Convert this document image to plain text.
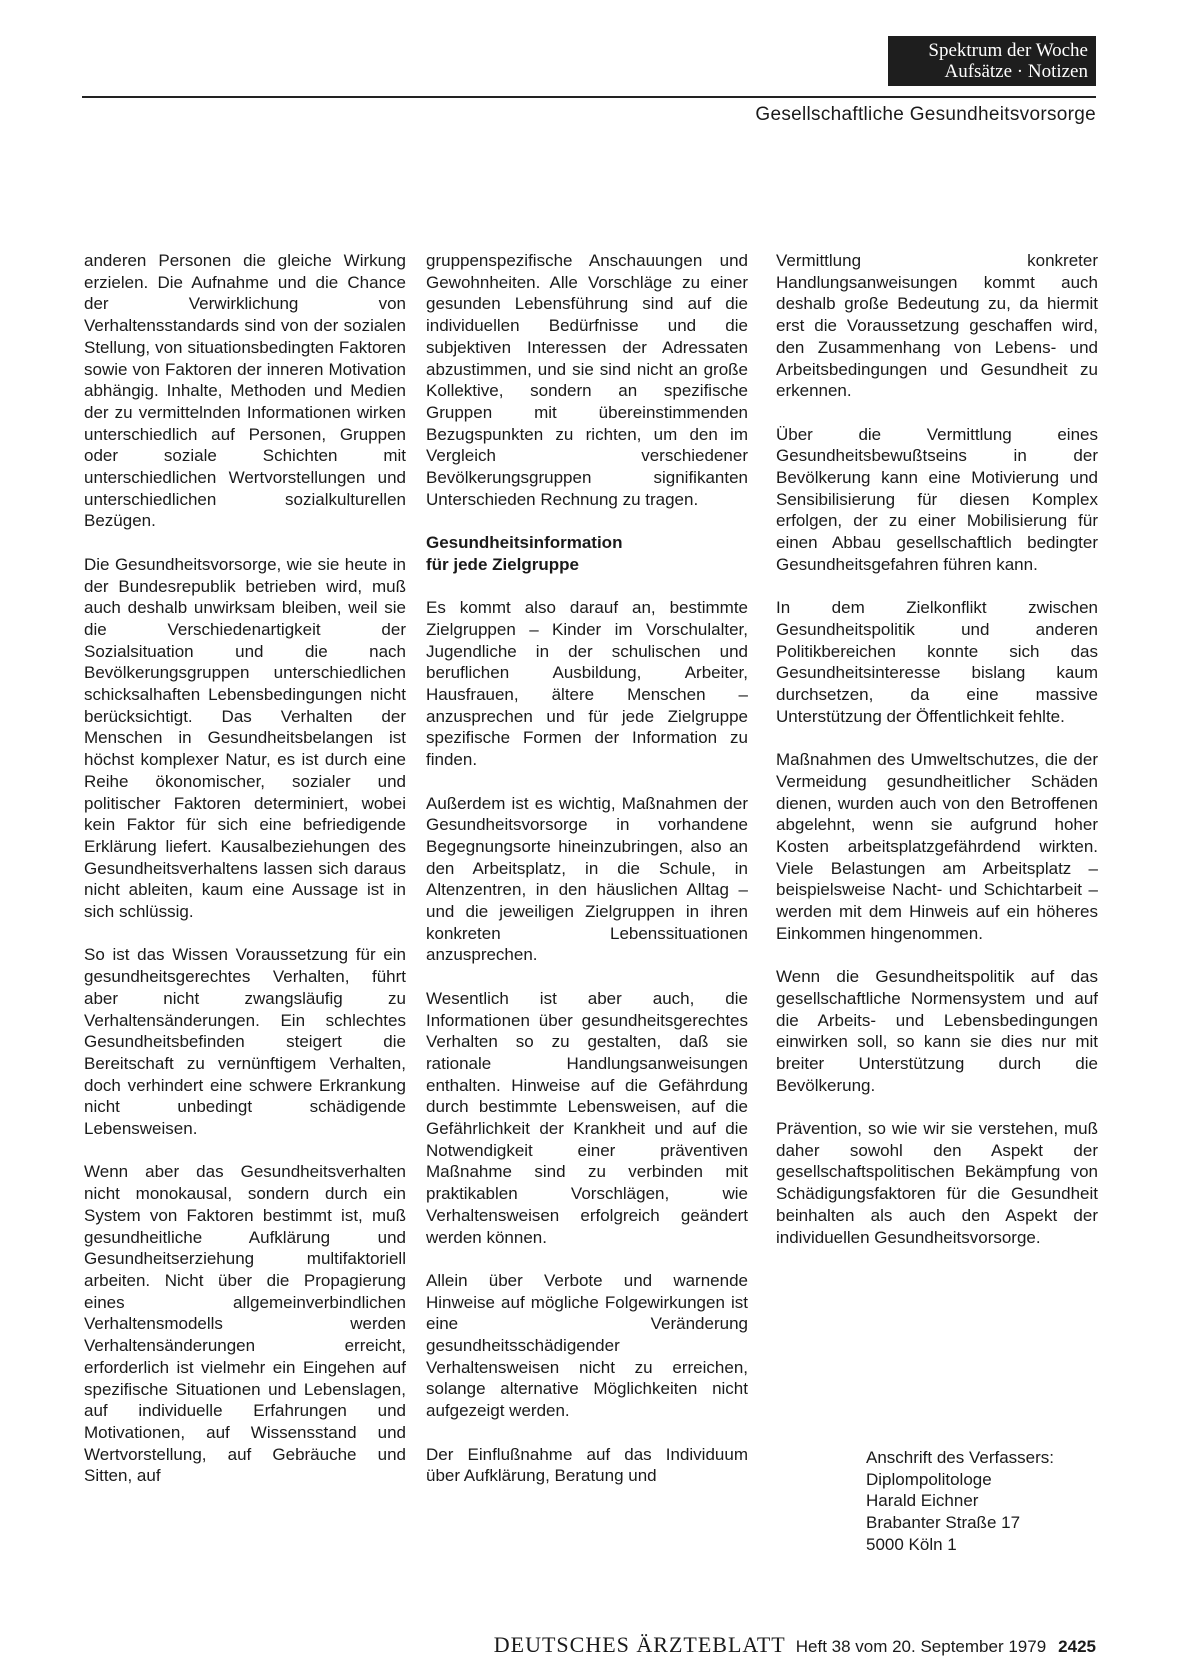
Spektrum der Woche
Aufsätze · Notizen
Gesellschaftliche Gesundheitsvorsorge

anderen Personen die gleiche Wirkung erzielen. Die Aufnahme und die Chance der Verwirklichung von Verhaltensstandards sind von der sozialen Stellung, von situationsbedingten Faktoren sowie von Faktoren der inneren Motivation abhängig. Inhalte, Methoden und Medien der zu vermittelnden Informationen wirken unterschiedlich auf Personen, Gruppen oder soziale Schichten mit unterschiedlichen Wertvorstellungen und unterschiedlichen sozialkulturellen Bezügen.

Die Gesundheitsvorsorge, wie sie heute in der Bundesrepublik betrieben wird, muß auch deshalb unwirksam bleiben, weil sie die Verschiedenartigkeit der Sozialsituation und die nach Bevölkerungsgruppen unterschiedlichen schicksalhaften Lebensbedingungen nicht berücksichtigt. Das Verhalten der Menschen in Gesundheitsbelangen ist höchst komplexer Natur, es ist durch eine Reihe ökonomischer, sozialer und politischer Faktoren determiniert, wobei kein Faktor für sich eine befriedigende Erklärung liefert. Kausalbeziehungen des Gesundheitsverhaltens lassen sich daraus nicht ableiten, kaum eine Aussage ist in sich schlüssig.

So ist das Wissen Voraussetzung für ein gesundheitsgerechtes Verhalten, führt aber nicht zwangsläufig zu Verhaltensänderungen. Ein schlechtes Gesundheitsbefinden steigert die Bereitschaft zu vernünftigem Verhalten, doch verhindert eine schwere Erkrankung nicht unbedingt schädigende Lebensweisen.

Wenn aber das Gesundheitsverhalten nicht monokausal, sondern durch ein System von Faktoren bestimmt ist, muß gesundheitliche Aufklärung und Gesundheitserziehung multifaktoriell arbeiten. Nicht über die Propagierung eines allgemeinverbindlichen Verhaltensmodells werden Verhaltensänderungen erreicht, erforderlich ist vielmehr ein Eingehen auf spezifische Situationen und Lebenslagen, auf individuelle Erfahrungen und Motivationen, auf Wissensstand und Wertvorstellung, auf Gebräuche und Sitten, auf

gruppenspezifische Anschauungen und Gewohnheiten. Alle Vorschläge zu einer gesunden Lebensführung sind auf die individuellen Bedürfnisse und die subjektiven Interessen der Adressaten abzustimmen, und sie sind nicht an große Kollektive, sondern an spezifische Gruppen mit übereinstimmenden Bezugspunkten zu richten, um den im Vergleich verschiedener Bevölkerungsgruppen signifikanten Unterschieden Rechnung zu tragen.

Gesundheitsinformation
für jede Zielgruppe

Es kommt also darauf an, bestimmte Zielgruppen – Kinder im Vorschulalter, Jugendliche in der schulischen und beruflichen Ausbildung, Arbeiter, Hausfrauen, ältere Menschen – anzusprechen und für jede Zielgruppe spezifische Formen der Information zu finden.

Außerdem ist es wichtig, Maßnahmen der Gesundheitsvorsorge in vorhandene Begegnungsorte hineinzubringen, also an den Arbeitsplatz, in die Schule, in Altenzentren, in den häuslichen Alltag – und die jeweiligen Zielgruppen in ihren konkreten Lebenssituationen anzusprechen.

Wesentlich ist aber auch, die Informationen über gesundheitsgerechtes Verhalten so zu gestalten, daß sie rationale Handlungsanweisungen enthalten. Hinweise auf die Gefährdung durch bestimmte Lebensweisen, auf die Gefährlichkeit der Krankheit und auf die Notwendigkeit einer präventiven Maßnahme sind zu verbinden mit praktikablen Vorschlägen, wie Verhaltensweisen erfolgreich geändert werden können.

Allein über Verbote und warnende Hinweise auf mögliche Folgewirkungen ist eine Veränderung gesundheitsschädigender Verhaltensweisen nicht zu erreichen, solange alternative Möglichkeiten nicht aufgezeigt werden.

Der Einflußnahme auf das Individuum über Aufklärung, Beratung und

Vermittlung konkreter Handlungsanweisungen kommt auch deshalb große Bedeutung zu, da hiermit erst die Voraussetzung geschaffen wird, den Zusammenhang von Lebens- und Arbeitsbedingungen und Gesundheit zu erkennen.

Über die Vermittlung eines Gesundheitsbewußtseins in der Bevölkerung kann eine Motivierung und Sensibilisierung für diesen Komplex erfolgen, der zu einer Mobilisierung für einen Abbau gesellschaftlich bedingter Gesundheitsgefahren führen kann.

In dem Zielkonflikt zwischen Gesundheitspolitik und anderen Politikbereichen konnte sich das Gesundheitsinteresse bislang kaum durchsetzen, da eine massive Unterstützung der Öffentlichkeit fehlte.

Maßnahmen des Umweltschutzes, die der Vermeidung gesundheitlicher Schäden dienen, wurden auch von den Betroffenen abgelehnt, wenn sie aufgrund hoher Kosten arbeitsplatzgefährdend wirkten. Viele Belastungen am Arbeitsplatz – beispielsweise Nacht- und Schichtarbeit – werden mit dem Hinweis auf ein höheres Einkommen hingenommen.

Wenn die Gesundheitspolitik auf das gesellschaftliche Normensystem und auf die Arbeits- und Lebensbedingungen einwirken soll, so kann sie dies nur mit breiter Unterstützung durch die Bevölkerung.

Prävention, so wie wir sie verstehen, muß daher sowohl den Aspekt der gesellschaftspolitischen Bekämpfung von Schädigungsfaktoren für die Gesundheit beinhalten als auch den Aspekt der individuellen Gesundheitsvorsorge.

Anschrift des Verfassers:
Diplompolitologe
Harald Eichner
Brabanter Straße 17
5000 Köln 1
DEUTSCHES ÄRZTEBLATT Heft 38 vom 20. September 1979 2425
